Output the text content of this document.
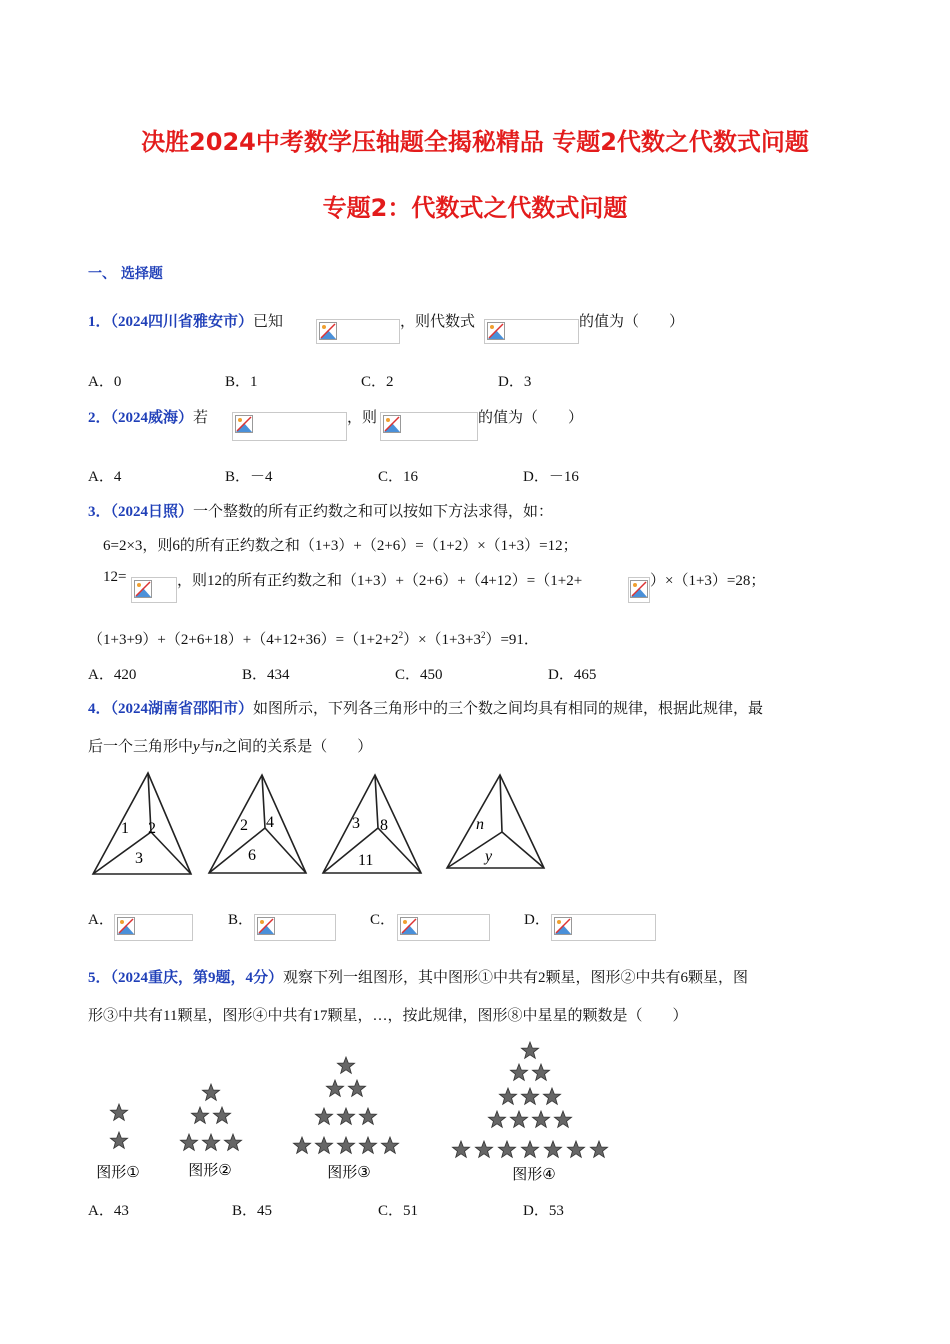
决胜2024中考数学压轴题全揭秘精品 专题2代数之代数式问题
专题2：代数式之代数式问题
一、 选择题
1．（2024四川省雅安市）已知	，则代数式	的值为（　　）
A．0	B．1	C．2	D．3
2．（2024威海）若	，则	的值为（　　）
A．4	B．－4	C．16	D．－16
3．（2024日照）一个整数的所有正约数之和可以按如下方法求得，如：
6=2×3，则6的所有正约数之和（1+3）+（2+6）=（1+2）×（1+3）=12；
12=	，则12的所有正约数之和（1+3）+（2+6）+（4+12）=（1+2+	）×（1+3）=28；
$(1+3+9)+(2+6+18)+(4+12+36)=(1+2+2^2)\times(1+3+3^2)=91$．
A．420	B．434	C．450	D．465
4．（2024湖南省邵阳市）如图所示，下列各三角形中的三个数之间均具有相同的规律，根据此规律，最
后一个三角形中y与n之间的关系是（　　）
1 2
3
2 4
6
3 8
11
n
y
A．	B．	C．	D．
5．（2024重庆，第9题，4分）观察下列一组图形，其中图形①中共有2颗星，图形②中共有6颗星，图
形③中共有11颗星，图形④中共有17颗星，…，按此规律，图形⑧中星星的颗数是（　　）
图形①	图形②	图形③	图形④
A．43	B．45	C．51	D．53
